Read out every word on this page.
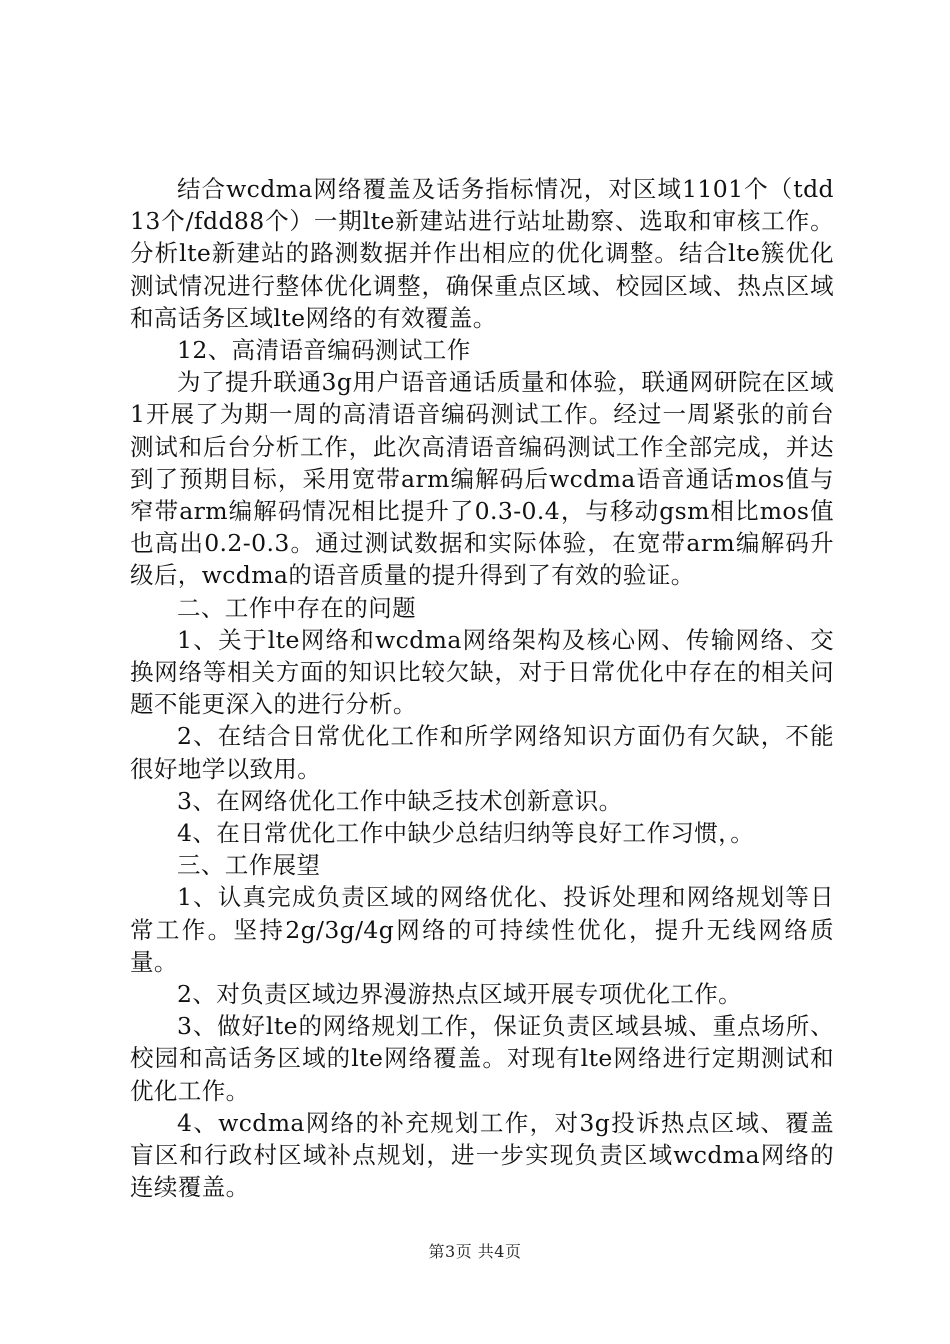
结合wcdma网络覆盖及话务指标情况，对区域1101个（tdd13个/fdd88个）一期lte新建站进行站址勘察、选取和审核工作。分析lte新建站的路测数据并作出相应的优化调整。结合lte簇优化测试情况进行整体优化调整，确保重点区域、校园区域、热点区域和高话务区域lte网络的有效覆盖。

12、高清语音编码测试工作

为了提升联通3g用户语音通话质量和体验，联通网研院在区域1开展了为期一周的高清语音编码测试工作。经过一周紧张的前台测试和后台分析工作，此次高清语音编码测试工作全部完成，并达到了预期目标，采用宽带arm编解码后wcdma语音通话mos值与窄带arm编解码情况相比提升了0.3-0.4，与移动gsm相比mos值也高出0.2-0.3。通过测试数据和实际体验，在宽带arm编解码升级后，wcdma的语音质量的提升得到了有效的验证。

二、工作中存在的问题

1、关于lte网络和wcdma网络架构及核心网、传输网络、交换网络等相关方面的知识比较欠缺，对于日常优化中存在的相关问题不能更深入的进行分析。

2、在结合日常优化工作和所学网络知识方面仍有欠缺，不能很好地学以致用。

3、在网络优化工作中缺乏技术创新意识。

4、在日常优化工作中缺少总结归纳等良好工作习惯，。

三、工作展望

1、认真完成负责区域的网络优化、投诉处理和网络规划等日常工作。坚持2g/3g/4g网络的可持续性优化，提升无线网络质量。

2、对负责区域边界漫游热点区域开展专项优化工作。

3、做好lte的网络规划工作，保证负责区域县城、重点场所、校园和高话务区域的lte网络覆盖。对现有lte网络进行定期测试和优化工作。

4、wcdma网络的补充规划工作，对3g投诉热点区域、覆盖盲区和行政村区域补点规划，进一步实现负责区域wcdma网络的连续覆盖。

第3页 共4页
